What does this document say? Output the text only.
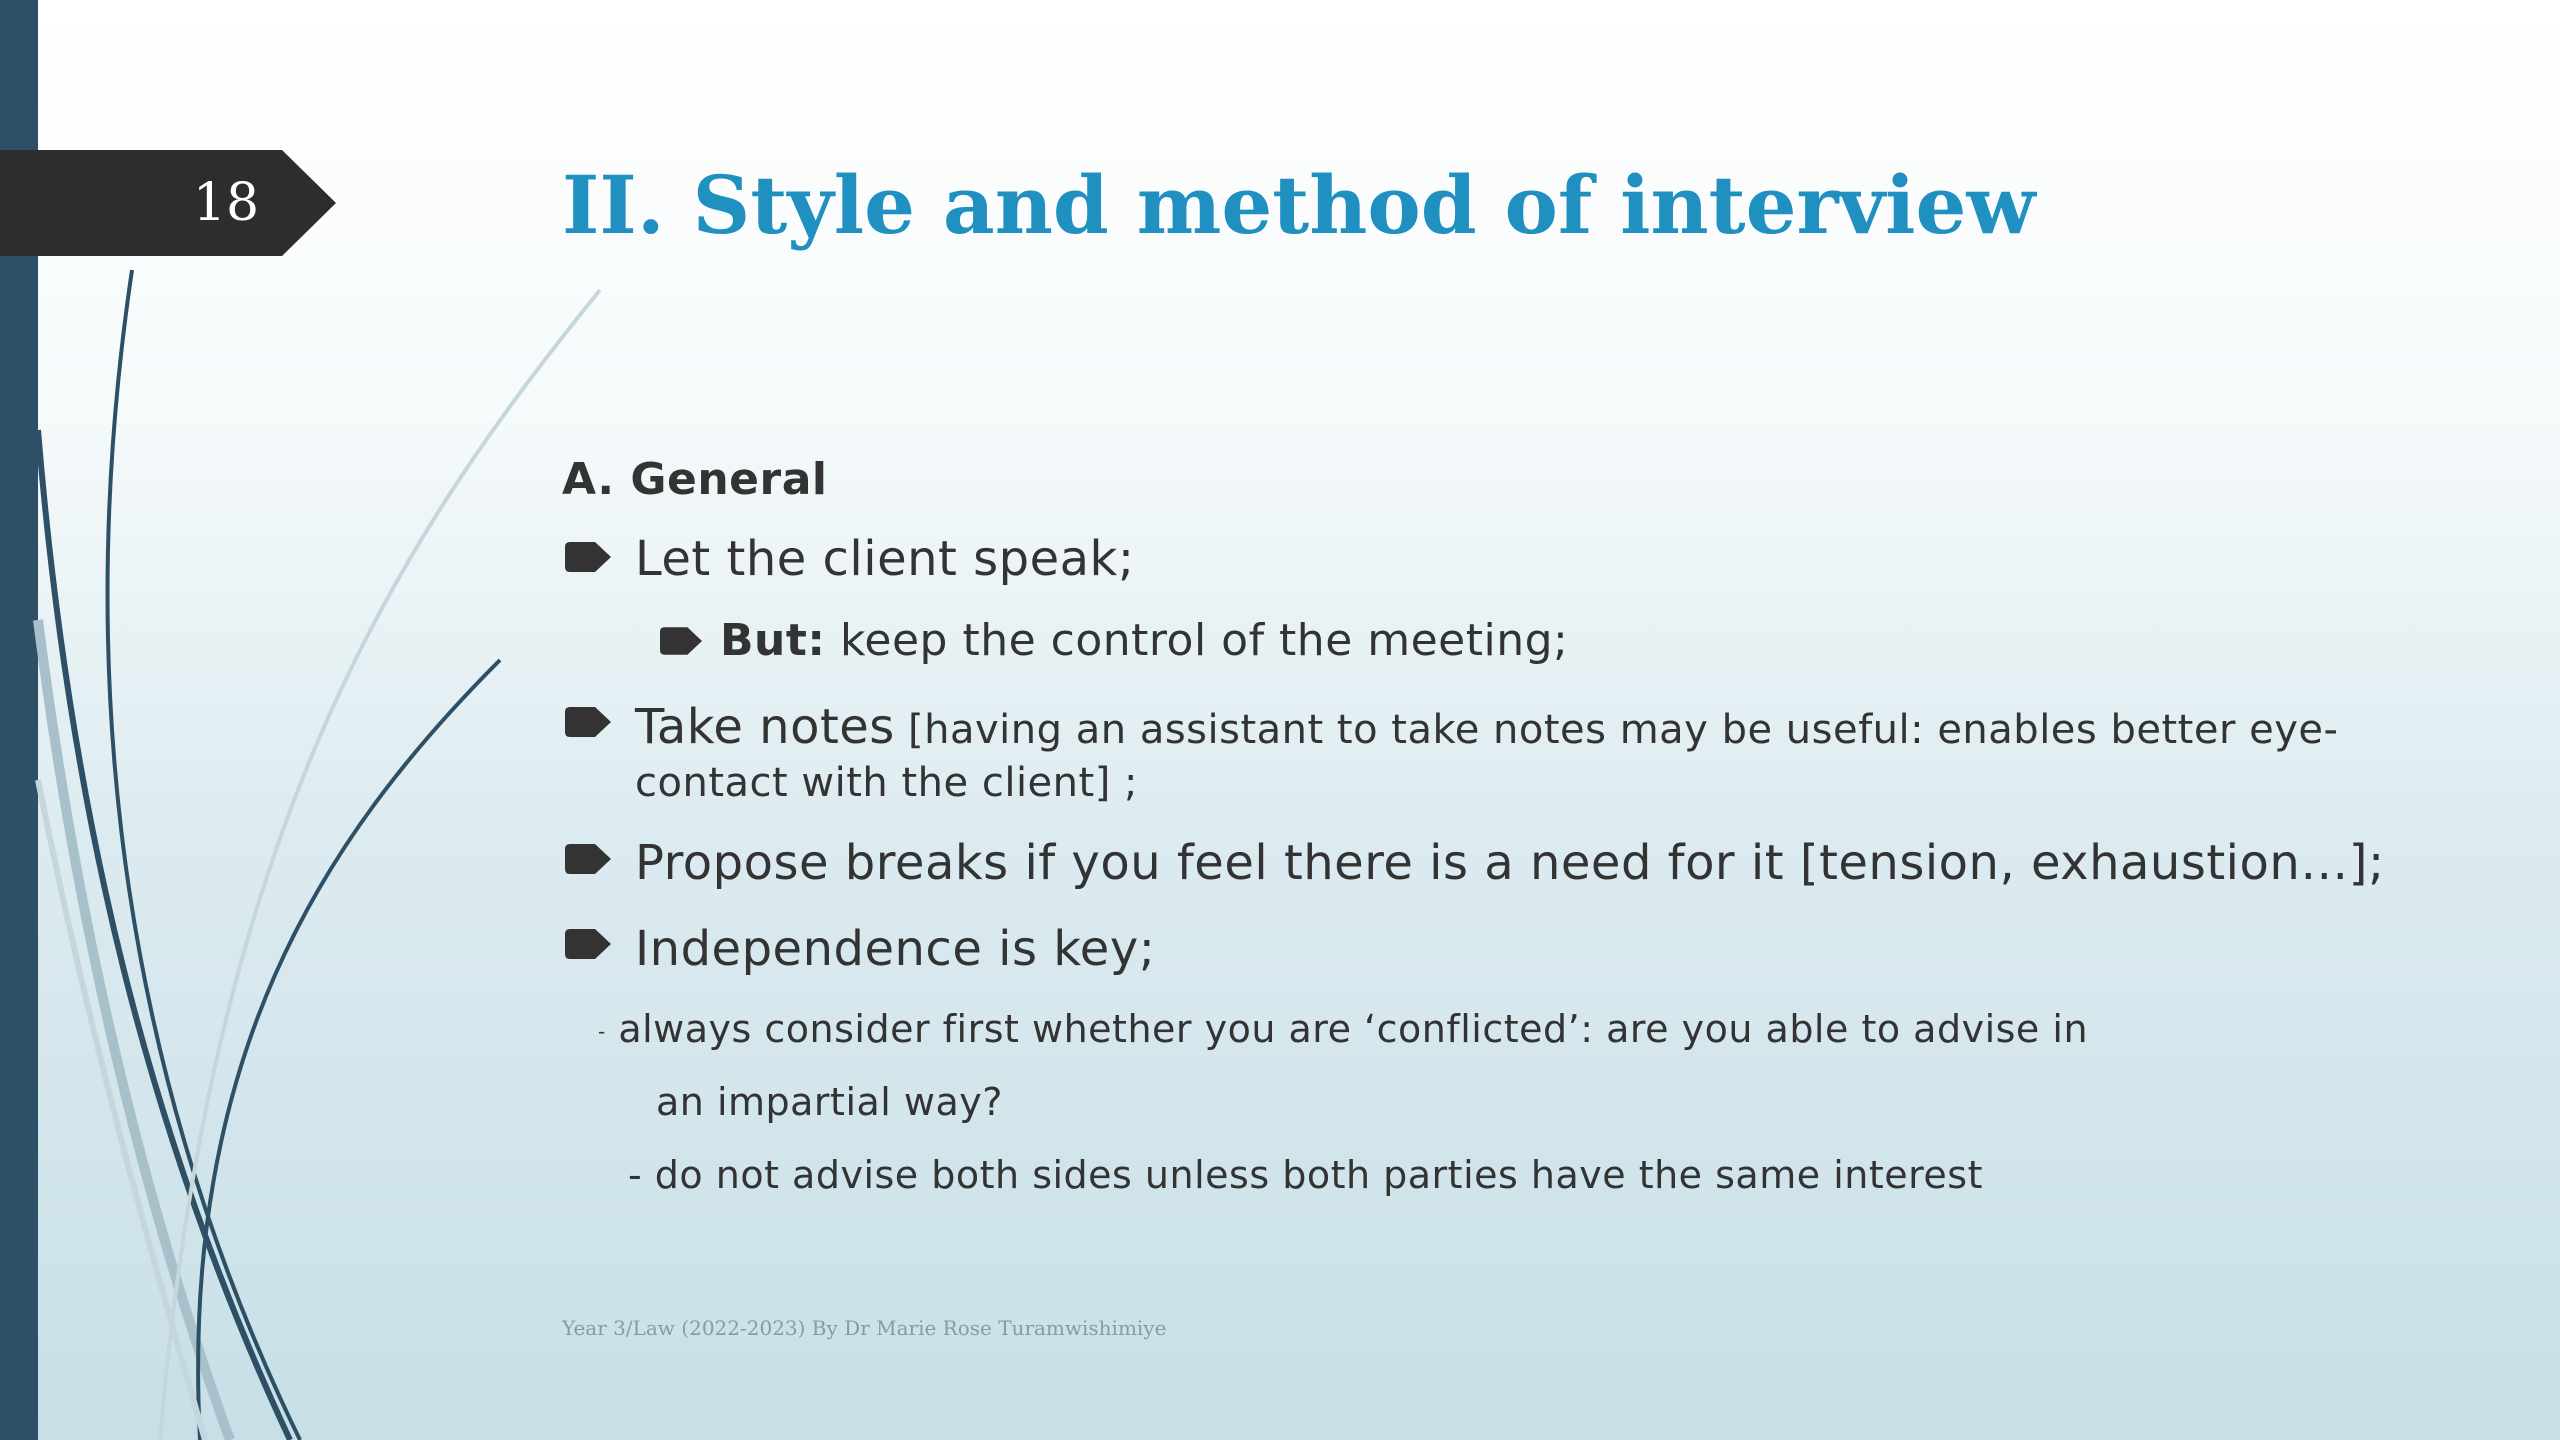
18	II. Style and method of interview
A. General
Let the client speak;
But: keep the control of the meeting;
Take notes [having an assistant to take notes may be useful: enables better eye-
contact with the client] ;
Propose breaks if you feel there is a need for it [tension, exhaustion…];
Independence is key;
- always consider first whether you are ‘conflicted’: are you able to advise in
an impartial way?
- do not advise both sides unless both parties have the same interest
Year 3/Law (2022-2023) By Dr Marie Rose Turamwishimiye
